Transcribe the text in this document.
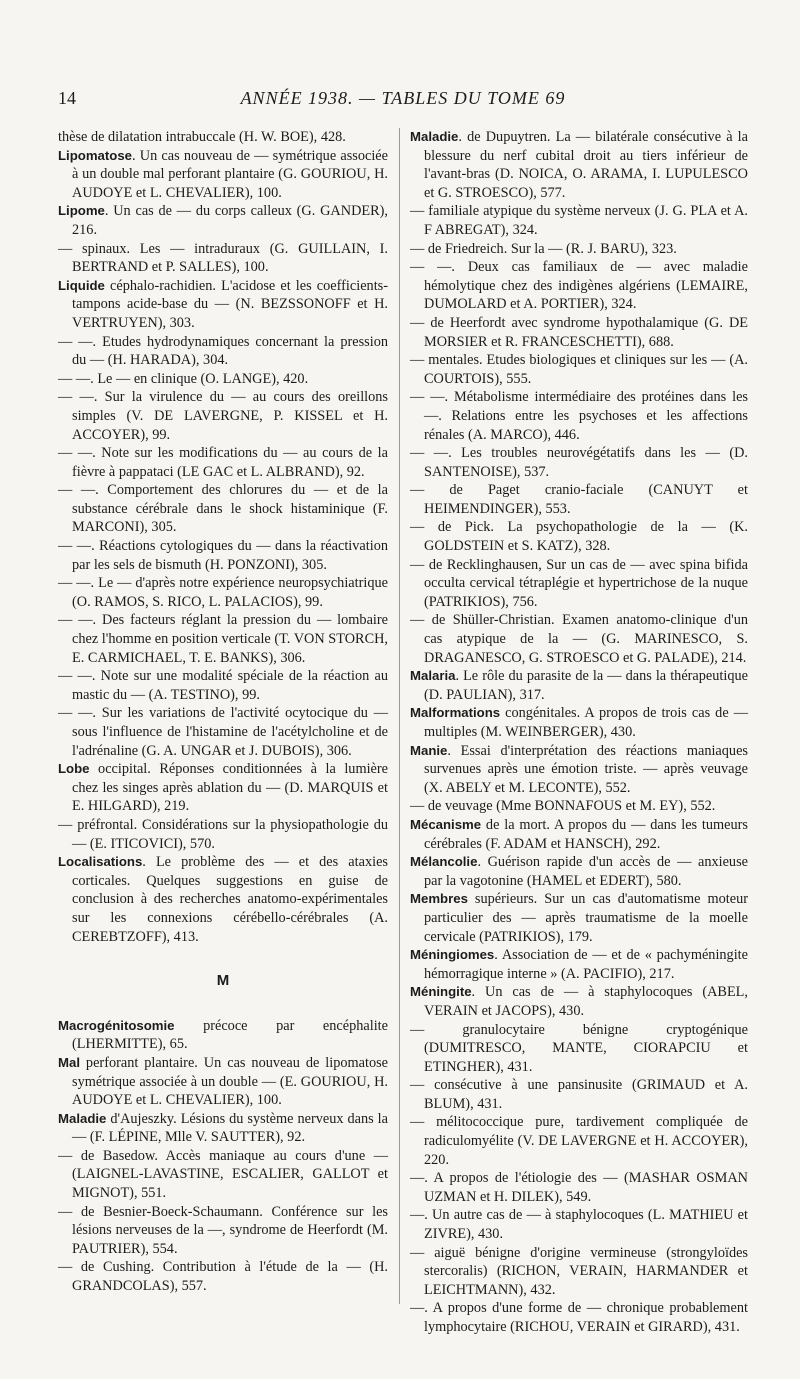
14	ANNÉE 1938. — TABLES DU TOME 69

thèse de dilatation intrabuccale (H. W. BOE), 428.

Lipomatose. Un cas nouveau de — symétrique associée à un double mal perforant plantaire (G. GOURIOU, H. AUDOYE et L. CHEVALIER), 100.

Lipome. Un cas de — du corps calleux (G. GANDER), 216.

— spinaux. Les — intraduraux (G. GUILLAIN, I. BERTRAND et P. SALLES), 100.

Liquide céphalo-rachidien. L'acidose et les coefficients-tampons acide-base du — (N. BEZSSONOFF et H. VERTRUYEN), 303.

— —. Etudes hydrodynamiques concernant la pression du — (H. HARADA), 304.

— —. Le — en clinique (O. LANGE), 420.

— —. Sur la virulence du — au cours des oreillons simples (V. DE LAVERGNE, P. KISSEL et H. ACCOYER), 99.

— —. Note sur les modifications du — au cours de la fièvre à pappataci (LE GAC et L. ALBRAND), 92.

— —. Comportement des chlorures du — et de la substance cérébrale dans le shock histaminique (F. MARCONI), 305.

— —. Réactions cytologiques du — dans la réactivation par les sels de bismuth (H. PONZONI), 305.

— —. Le — d'après notre expérience neuropsychiatrique (O. RAMOS, S. RICO, L. PALACIOS), 99.

— —. Des facteurs réglant la pression du — lombaire chez l'homme en position verticale (T. VON STORCH, E. CARMICHAEL, T. E. BANKS), 306.

— —. Note sur une modalité spéciale de la réaction au mastic du — (A. TESTINO), 99.

— —. Sur les variations de l'activité ocytocique du — sous l'influence de l'histamine de l'acétylcholine et de l'adrénaline (G. A. UNGAR et J. DUBOIS), 306.

Lobe occipital. Réponses conditionnées à la lumière chez les singes après ablation du — (D. MARQUIS et E. HILGARD), 219.

— préfrontal. Considérations sur la physiopathologie du — (E. ITICOVICI), 570.

Localisations. Le problème des — et des ataxies corticales. Quelques suggestions en guise de conclusion à des recherches anatomo-expérimentales sur les connexions cérébello-cérébrales (A. CEREBTZOFF), 413.

M

Macrogénitosomie précoce par encéphalite (LHERMITTE), 65.

Mal perforant plantaire. Un cas nouveau de lipomatose symétrique associée à un double — (E. GOURIOU, H. AUDOYE et L. CHEVALIER), 100.

Maladie d'Aujeszky. Lésions du système nerveux dans la — (F. LÉPINE, Mlle V. SAUTTER), 92.

— de Basedow. Accès maniaque au cours d'une — (LAIGNEL-LAVASTINE, ESCALIER, GALLOT et MIGNOT), 551.

— de Besnier-Boeck-Schaumann. Conférence sur les lésions nerveuses de la —, syndrome de Heerfordt (M. PAUTRIER), 554.

— de Cushing. Contribution à l'étude de la — (H. GRANDCOLAS), 557.

Maladie. de Dupuytren. La — bilatérale consécutive à la blessure du nerf cubital droit au tiers inférieur de l'avant-bras (D. NOICA, O. ARAMA, I. LUPULESCO et G. STROESCO), 577.

— familiale atypique du système nerveux (J. G. PLA et A. F ABREGAT), 324.

— de Friedreich. Sur la — (R. J. BARU), 323.

— —. Deux cas familiaux de — avec maladie hémolytique chez des indigènes algériens (LEMAIRE, DUMOLARD et A. PORTIER), 324.

— de Heerfordt avec syndrome hypothalamique (G. DE MORSIER et R. FRANCESCHETTI), 688.

— mentales. Etudes biologiques et cliniques sur les — (A. COURTOIS), 555.

— —. Métabolisme intermédiaire des protéines dans les —. Relations entre les psychoses et les affections rénales (A. MARCO), 446.

— —. Les troubles neurovégétatifs dans les — (D. SANTENOISE), 537.

— de Paget cranio-faciale (CANUYT et HEIMENDINGER), 553.

— de Pick. La psychopathologie de la — (K. GOLDSTEIN et S. KATZ), 328.

— de Recklinghausen, Sur un cas de — avec spina bifida occulta cervical tétraplégie et hypertrichose de la nuque (PATRIKIOS), 756.

— de Shüller-Christian. Examen anatomo-clinique d'un cas atypique de la — (G. MARINESCO, S. DRAGANESCO, G. STROESCO et G. PALADE), 214.

Malaria. Le rôle du parasite de la — dans la thérapeutique (D. PAULIAN), 317.

Malformations congénitales. A propos de trois cas de — multiples (M. WEINBERGER), 430.

Manie. Essai d'interprétation des réactions maniaques survenues après une émotion triste. — après veuvage (X. ABELY et M. LECONTE), 552.

— de veuvage (Mme BONNAFOUS et M. EY), 552.

Mécanisme de la mort. A propos du — dans les tumeurs cérébrales (F. ADAM et HANSCH), 292.

Mélancolie. Guérison rapide d'un accès de — anxieuse par la vagotonine (HAMEL et EDERT), 580.

Membres supérieurs. Sur un cas d'automatisme moteur particulier des — après traumatisme de la moelle cervicale (PATRIKIOS), 179.

Méningiomes. Association de — et de « pachyméningite hémorragique interne » (A. PACIFIO), 217.

Méningite. Un cas de — à staphylocoques (ABEL, VERAIN et JACOPS), 430.

— granulocytaire bénigne cryptogénique (DUMITRESCO, MANTE, CIORAPCIU et ETINGHER), 431.

— consécutive à une pansinusite (GRIMAUD et A. BLUM), 431.

— mélitococcique pure, tardivement compliquée de radiculomyélite (V. DE LAVERGNE et H. ACCOYER), 220.

—. A propos de l'étiologie des — (MASHAR OSMAN UZMAN et H. DILEK), 549.

—. Un autre cas de — à staphylocoques (L. MATHIEU et ZIVRE), 430.

— aiguë bénigne d'origine vermineuse (strongyloïdes stercoralis) (RICHON, VERAIN, HARMANDER et LEICHTMANN), 432.

—. A propos d'une forme de — chronique probablement lymphocytaire (RICHOU, VERAIN et GIRARD), 431.
